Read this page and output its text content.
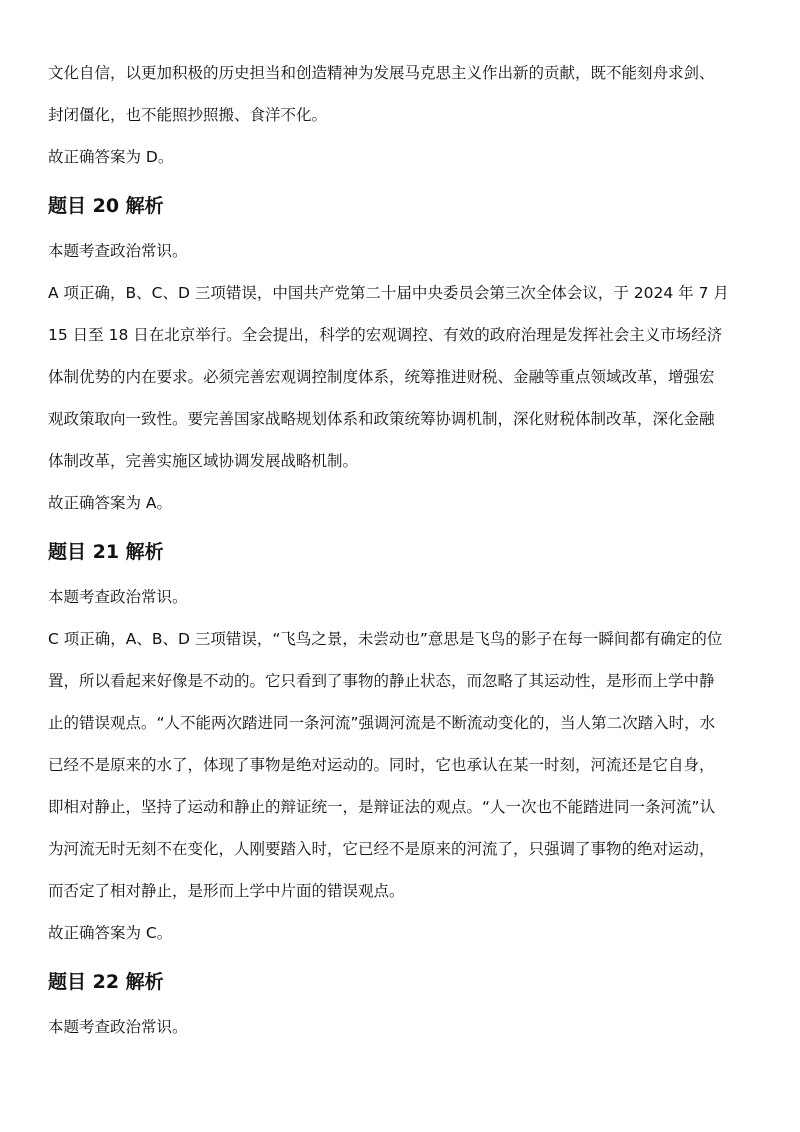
文化自信，以更加积极的历史担当和创造精神为发展马克思主义作出新的贡献，既不能刻舟求剑、
封闭僵化，也不能照抄照搬、食洋不化。
故正确答案为 D。
题目 20 解析
本题考查政治常识。
A 项正确，B、C、D 三项错误，中国共产党第二十届中央委员会第三次全体会议，于 2024 年 7 月
15 日至 18 日在北京举行。全会提出，科学的宏观调控、有效的政府治理是发挥社会主义市场经济
体制优势的内在要求。必须完善宏观调控制度体系，统筹推进财税、金融等重点领域改革，增强宏
观政策取向一致性。要完善国家战略规划体系和政策统筹协调机制，深化财税体制改革，深化金融
体制改革，完善实施区域协调发展战略机制。
故正确答案为 A。
题目 21 解析
本题考查政治常识。
C 项正确，A、B、D 三项错误，“飞鸟之景，未尝动也”意思是飞鸟的影子在每一瞬间都有确定的位
置，所以看起来好像是不动的。它只看到了事物的静止状态，而忽略了其运动性，是形而上学中静
止的错误观点。“人不能两次踏进同一条河流”强调河流是不断流动变化的，当人第二次踏入时，水
已经不是原来的水了，体现了事物是绝对运动的。同时，它也承认在某一时刻，河流还是它自身，
即相对静止，坚持了运动和静止的辩证统一，是辩证法的观点。“人一次也不能踏进同一条河流”认
为河流无时无刻不在变化，人刚要踏入时，它已经不是原来的河流了，只强调了事物的绝对运动，
而否定了相对静止，是形而上学中片面的错误观点。
故正确答案为 C。
题目 22 解析
本题考查政治常识。
